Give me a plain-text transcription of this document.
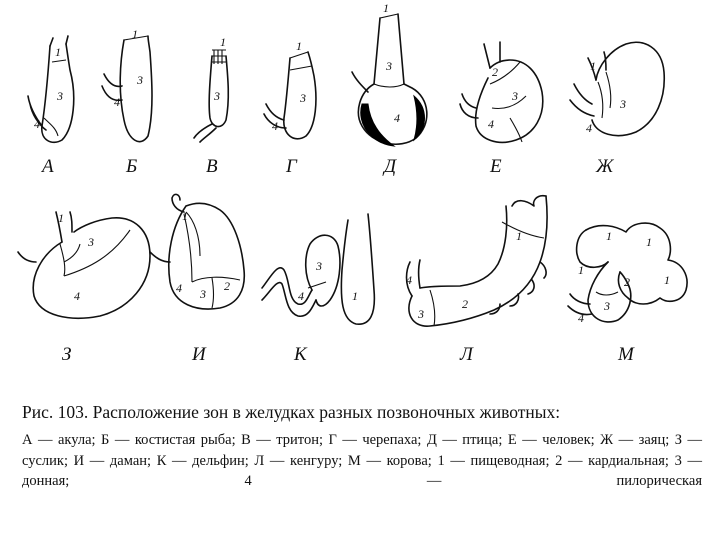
1
3
4
А
1
3
4
Б
1
3
В
1
3
4
Г
1
3
4
Д
2
3
4
Е
1
3
4
Ж
1
3
4
З
1
4 3
2
И
3
4	1
К
4
3
2
1
Л
1	1
1
1
2
3
4
М

Рис. 103. Расположение зон в желудках разных позвоночных животных:

А — акула; Б — костистая рыба; В — тритон; Г — черепаха; Д — птица; Е — человек; Ж — заяц; З — суслик; И — даман; К — дельфин; Л — кенгуру; М — корова; 1 — пищеводная; 2 — кардиальная; 3 — донная; 4 — пилорическая
